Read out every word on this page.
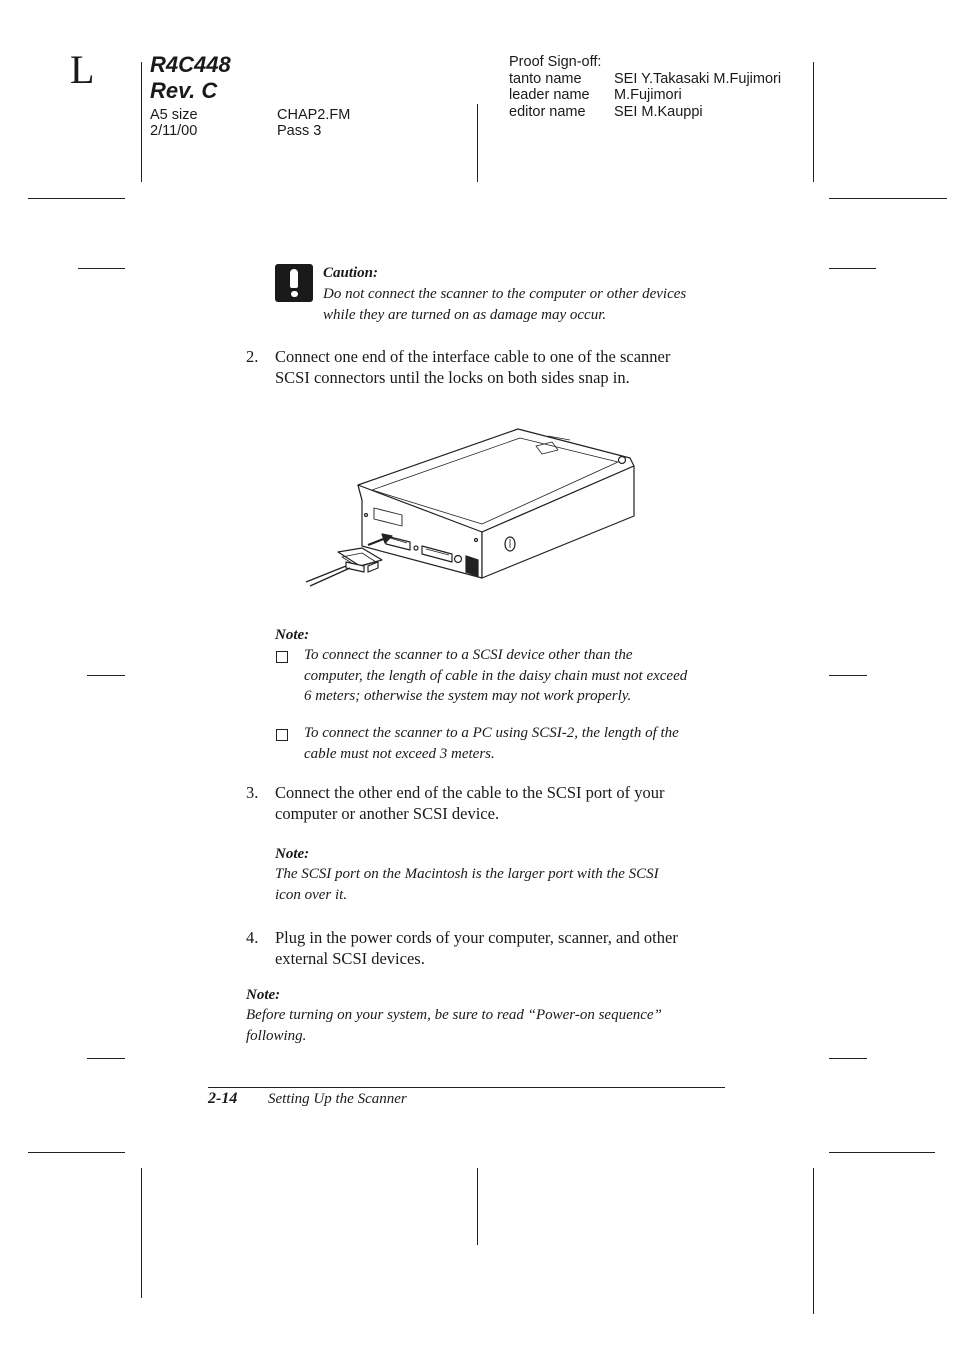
L	R4C448
Rev. C
A5 size
2/11/00
CHAP2.FM
Pass 3
Proof Sign-off:
tanto name SEI Y.Takasaki M.Fujimori
leader name M.Fujimori
editor name SEI M.Kauppi
Caution:
Do not connect the scanner to the computer or other devices
while they are turned on as damage may occur.
2. Connect one end of the interface cable to one of the scanner
SCSI connectors until the locks on both sides snap in.
Note:
To connect the scanner to a SCSI device other than the
computer, the length of cable in the daisy chain must not exceed
6 meters; otherwise the system may not work properly.
To connect the scanner to a PC using SCSI-2, the length of the
cable must not exceed 3 meters.
3. Connect the other end of the cable to the SCSI port of your
computer or another SCSI device.
Note:
The SCSI port on the Macintosh is the larger port with the SCSI
icon over it.
4. Plug in the power cords of your computer, scanner, and other
external SCSI devices.
Note:
Before turning on your system, be sure to read “Power-on sequence”
following.
2-14 Setting Up the Scanner
